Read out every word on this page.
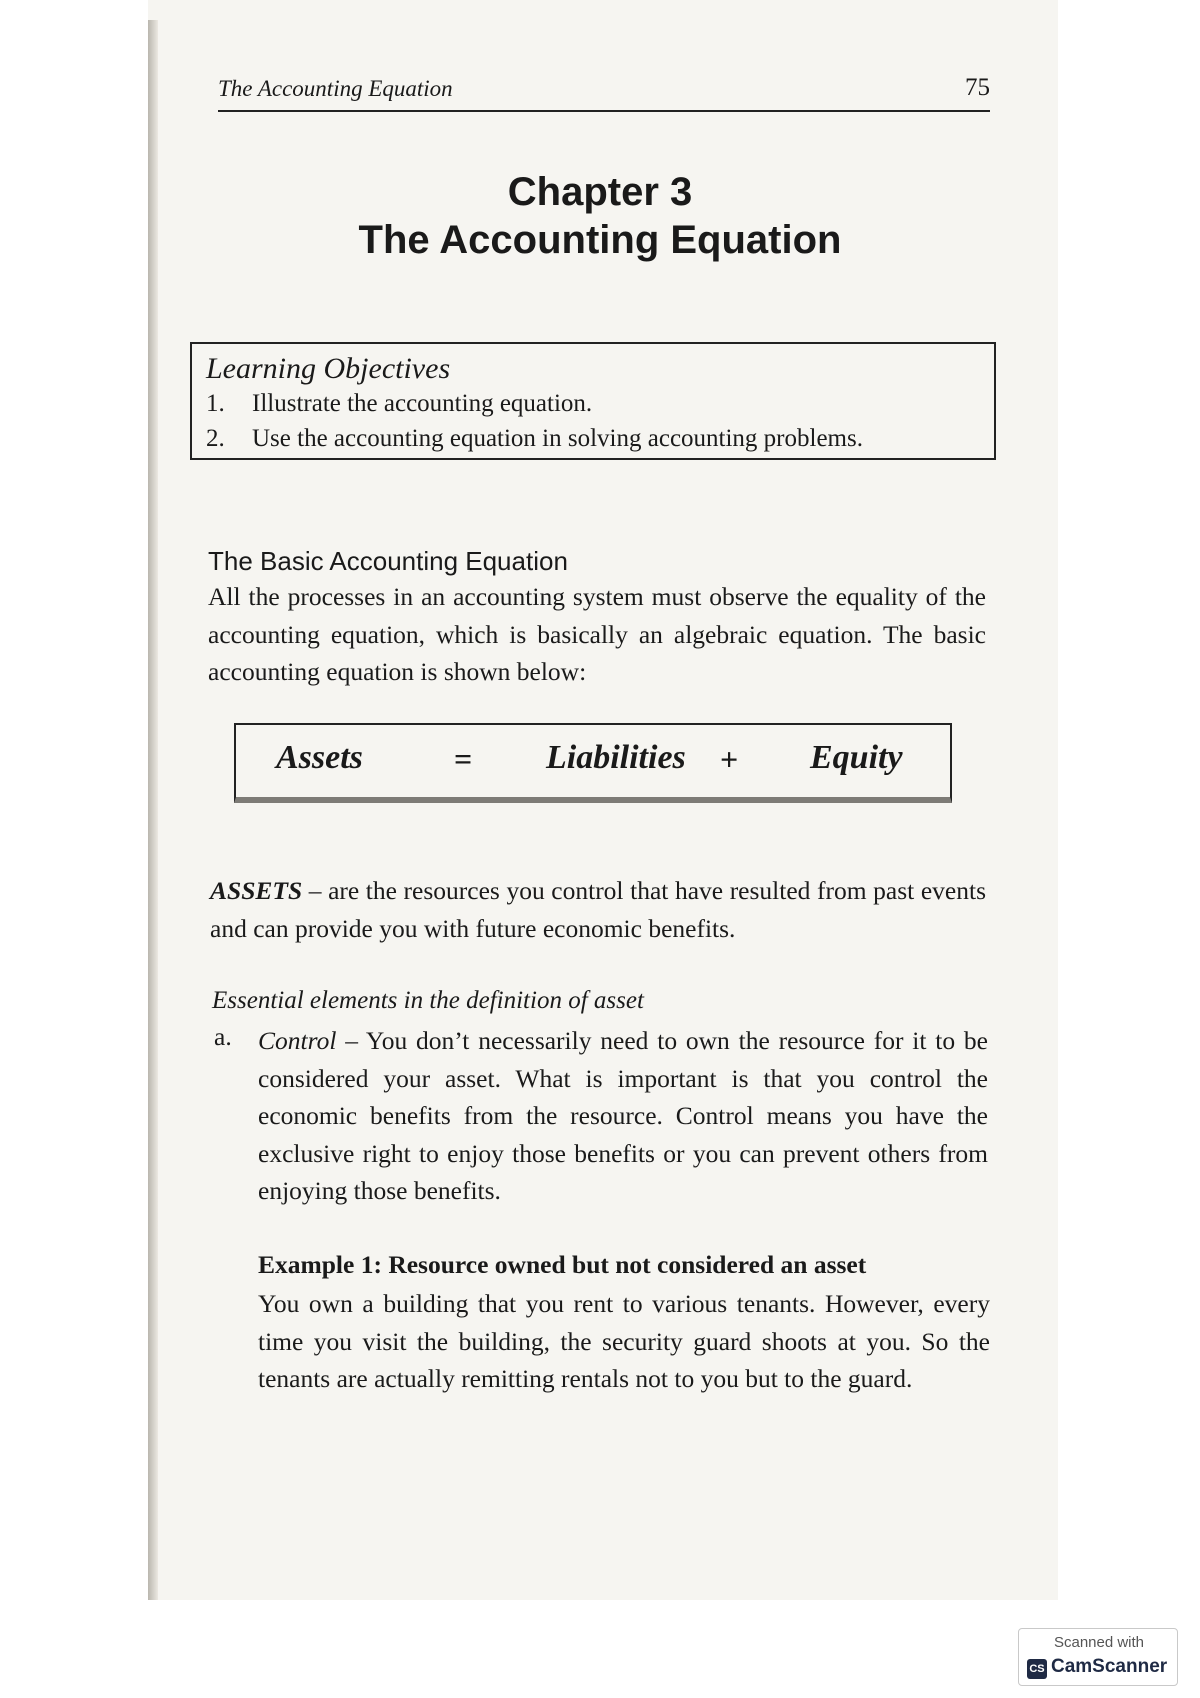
The Accounting Equation	75
Chapter 3
The Accounting Equation
Learning Objectives
1. Illustrate the accounting equation.
2. Use the accounting equation in solving accounting problems.
The Basic Accounting Equation
All the processes in an accounting system must observe the equality of the accounting equation, which is basically an algebraic equation. The basic accounting equation is shown below:
Assets	= Liabilities + Equity
ASSETS – are the resources you control that have resulted from past events and can provide you with future economic benefits.
Essential elements in the definition of asset
a. Control – You don’t necessarily need to own the resource for it to be considered your asset. What is important is that you control the economic benefits from the resource. Control means you have the exclusive right to enjoy those benefits or you can prevent others from enjoying those benefits.
Example 1: Resource owned but not considered an asset
You own a building that you rent to various tenants. However, every time you visit the building, the security guard shoots at you. So the tenants are actually remitting rentals not to you but to the guard.
Scanned with
CS CamScanner
